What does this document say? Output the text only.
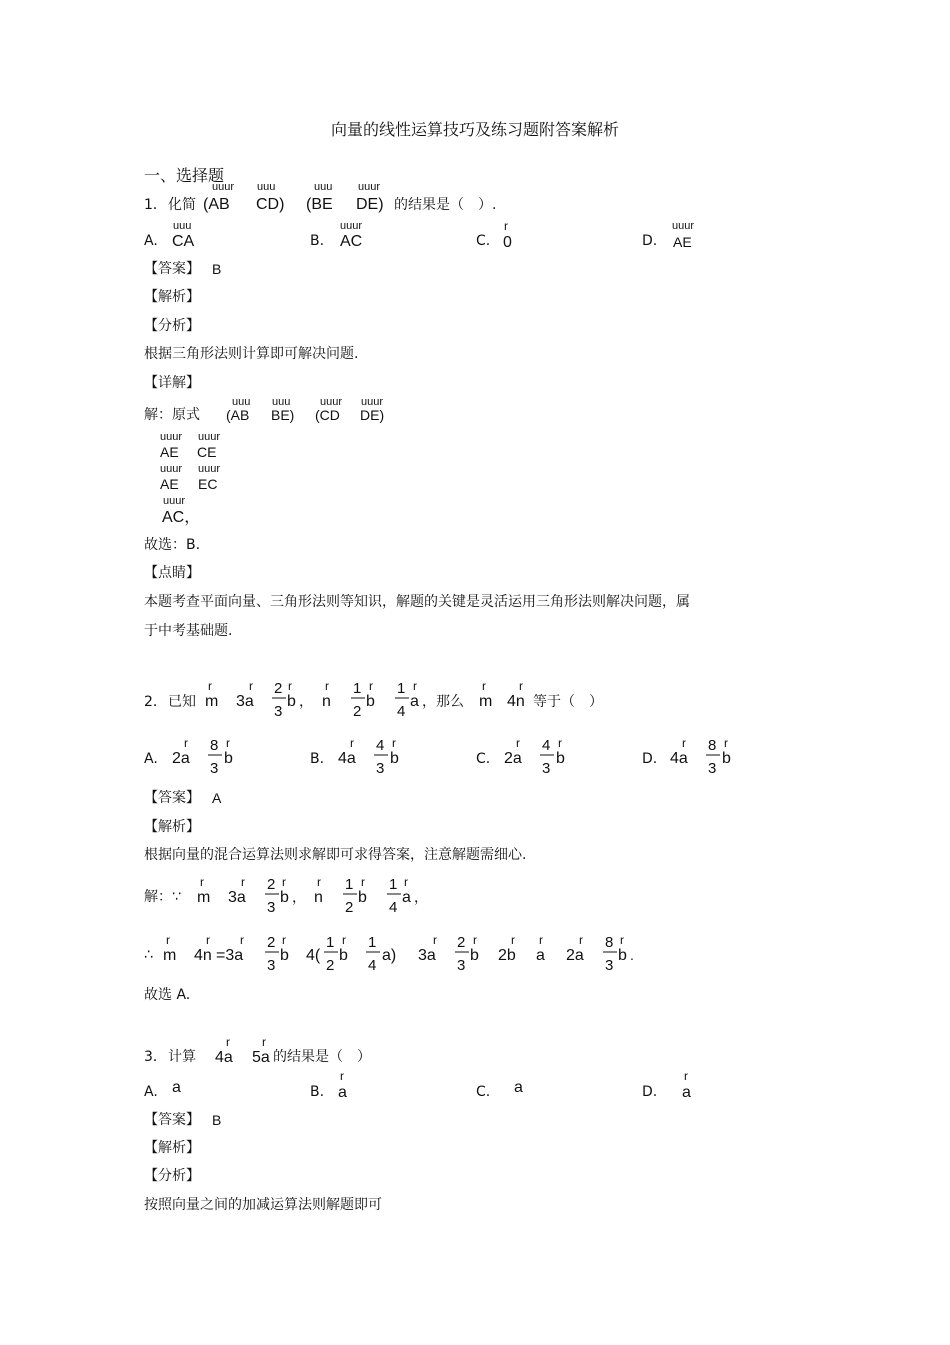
向量的线性运算技巧及练习题附答案解析
一、选择题
uuur uuu	uuu uuur
1． 化简 (AB CD) (BE DE) 的结果是（　）.
uuu	uuur	r	uuur
A. CA	B. AC	C. 0	D. AE
【答案】 B
【解析】
【分析】
根据三角形法则计算即可解决问题.
【详解】
uuu uuu	uuur uuur
解：原式 (AB BE) (CD DE)
uuur uuur
AE CE
uuur uuur
AE EC
uuur
AC，
故选：B.
【点睛】
本题考查平面向量、三角形法则等知识，解题的关键是灵活运用三角形法则解决问题，属
于中考基础题.
2． 已知
r
m 3a
r 2
3
r
b ，
r
n
1
2
r
b
1
4
r
a ，那么
r
m 4n
r
等于（　）
A.
r
2a
8
3
r
b	B.
r
4a
4
3
r
b	C.
r
2a
4
3
r
b	D.
r
4a
8
3
r
b
【答案】 A
【解析】
根据向量的混合运算法则求解即可求得答案，注意解题需细心.
解：∵
r
m 3a
r 2
3
r
b ，
r
n
1
2
r
b
1
4
r
a ，
∴
r
m 4n
r
=3a
r 2
3
r
b 4(
1
2
r
b
1
4
a)
r
3a
2
3
r
b
r
2b
r
a
r
2a
8
3
r
b .
故选 A.
r	r
3． 计算 4a 5a 的结果是（　）
r	r
A. a	B. a	C. a	D. a
【答案】 B
【解析】
【分析】
按照向量之间的加减运算法则解题即可
